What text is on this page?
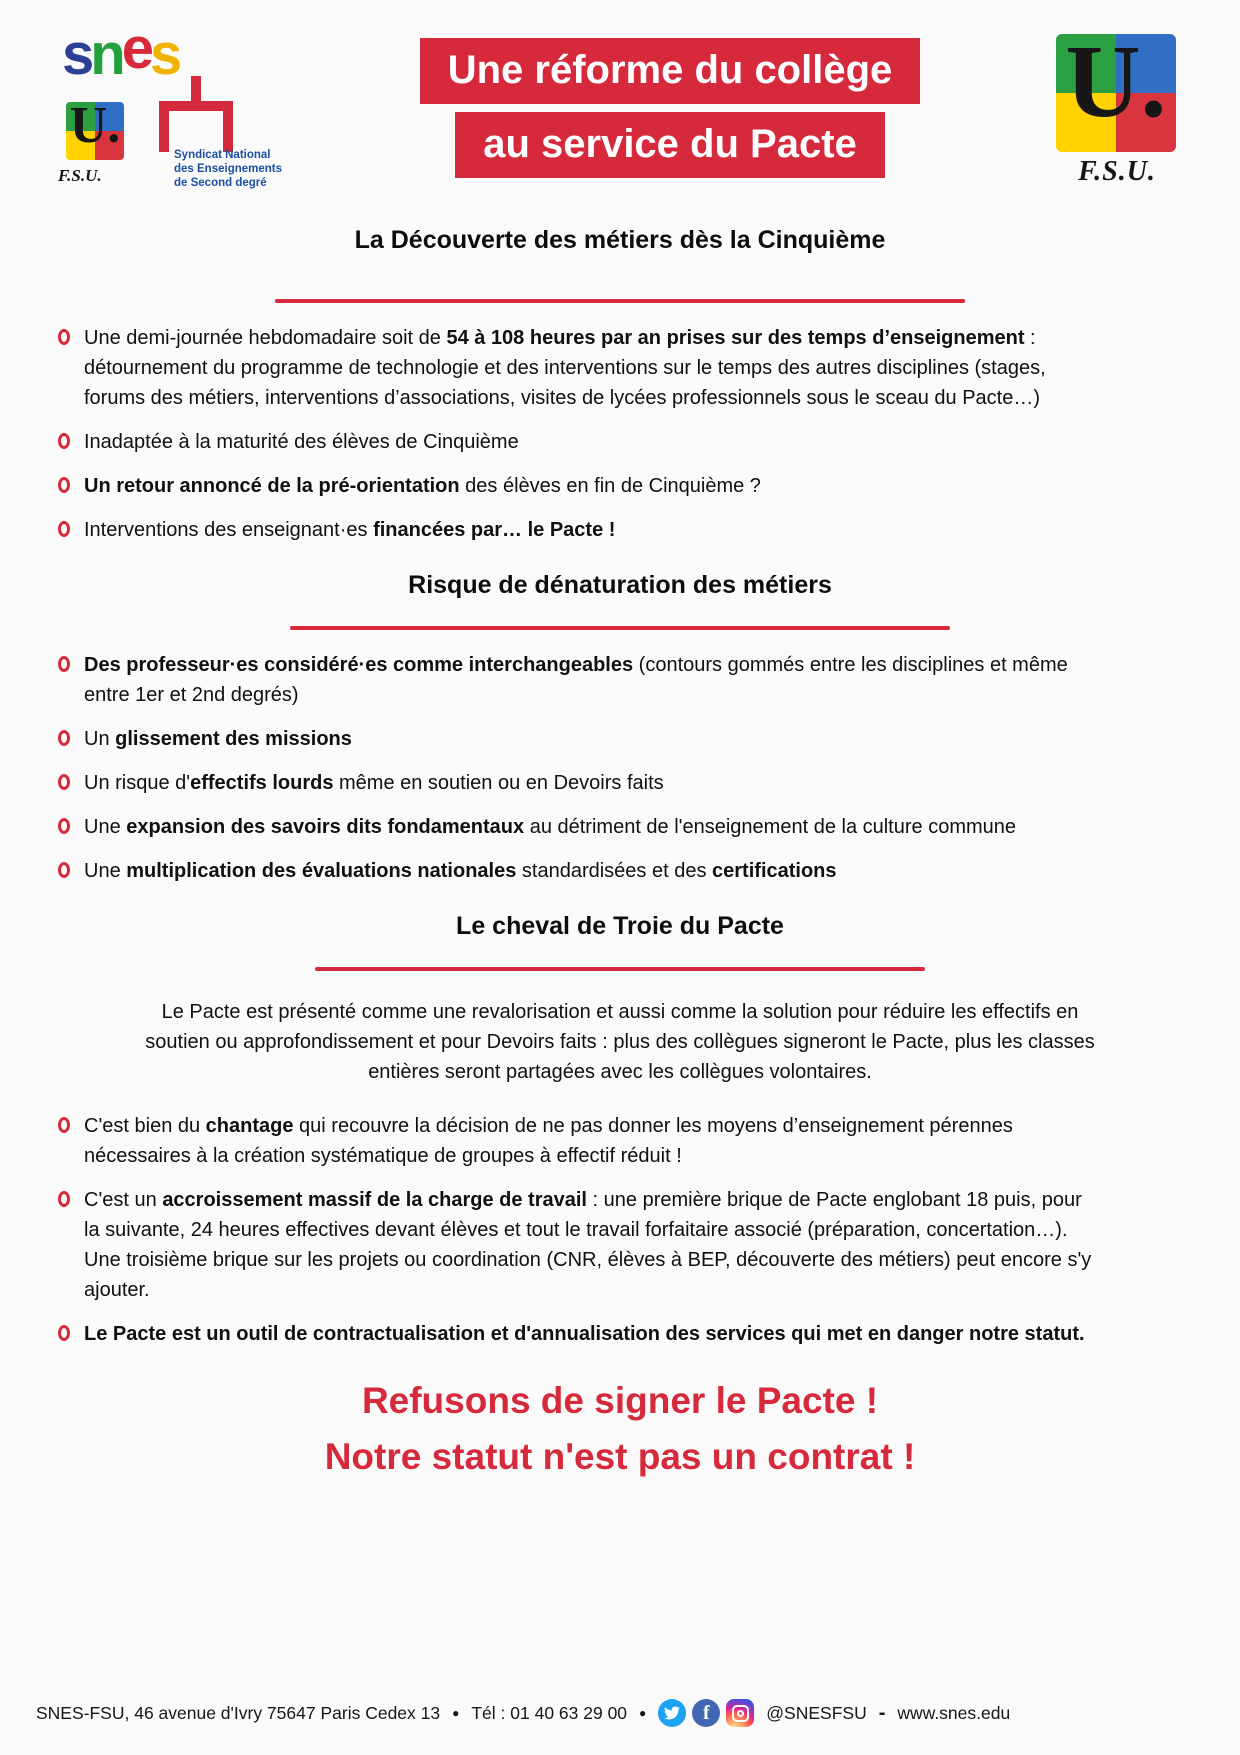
snes
U.
F.S.U.
Syndicat National
des Enseignements
de Second degré
Une réforme du collège
au service du Pacte
U.
F.S.U.
La Découverte des métiers dès la Cinquième
Une demi-journée hebdomadaire soit de 54 à 108 heures par an prises sur des temps d’enseignement : détournement du programme de technologie et des interventions sur le temps des autres disciplines (stages, forums des métiers, interventions d’associations, visites de lycées professionnels sous le sceau du Pacte…)
Inadaptée à la maturité des élèves de Cinquième
Un retour annoncé de la pré-orientation des élèves en fin de Cinquième ?
Interventions des enseignant·es financées par… le Pacte !
Risque de dénaturation des métiers
Des professeur·es considéré·es comme interchangeables (contours gommés entre les disciplines et même entre 1er et 2nd degrés)
Un glissement des missions
Un risque d'effectifs lourds même en soutien ou en Devoirs faits
Une expansion des savoirs dits fondamentaux au détriment de l'enseignement de la culture commune
Une multiplication des évaluations nationales standardisées et des certifications
Le cheval de Troie du Pacte

Le Pacte est présenté comme une revalorisation et aussi comme la solution pour réduire les effectifs en soutien ou approfondissement et pour Devoirs faits : plus des collègues signeront le Pacte, plus les classes entières seront partagées avec les collègues volontaires.

C'est bien du chantage qui recouvre la décision de ne pas donner les moyens d’enseignement pérennes nécessaires à la création systématique de groupes à effectif réduit !
C'est un accroissement massif de la charge de travail : une première brique de Pacte englobant 18 puis, pour la suivante, 24 heures effectives devant élèves et tout le travail forfaitaire associé (préparation, concertation…). Une troisième brique sur les projets ou coordination (CNR, élèves à BEP, découverte des métiers) peut encore s'y ajouter.
Le Pacte est un outil de contractualisation et d'annualisation des services qui met en danger notre statut.
Refusons de signer le Pacte !
Notre statut n'est pas un contrat !
SNES-FSU, 46 avenue d'Ivry 75647 Paris Cedex 13 ● Tél : 01 40 63 29 00 ●	f	@SNESFSU - www.snes.edu
